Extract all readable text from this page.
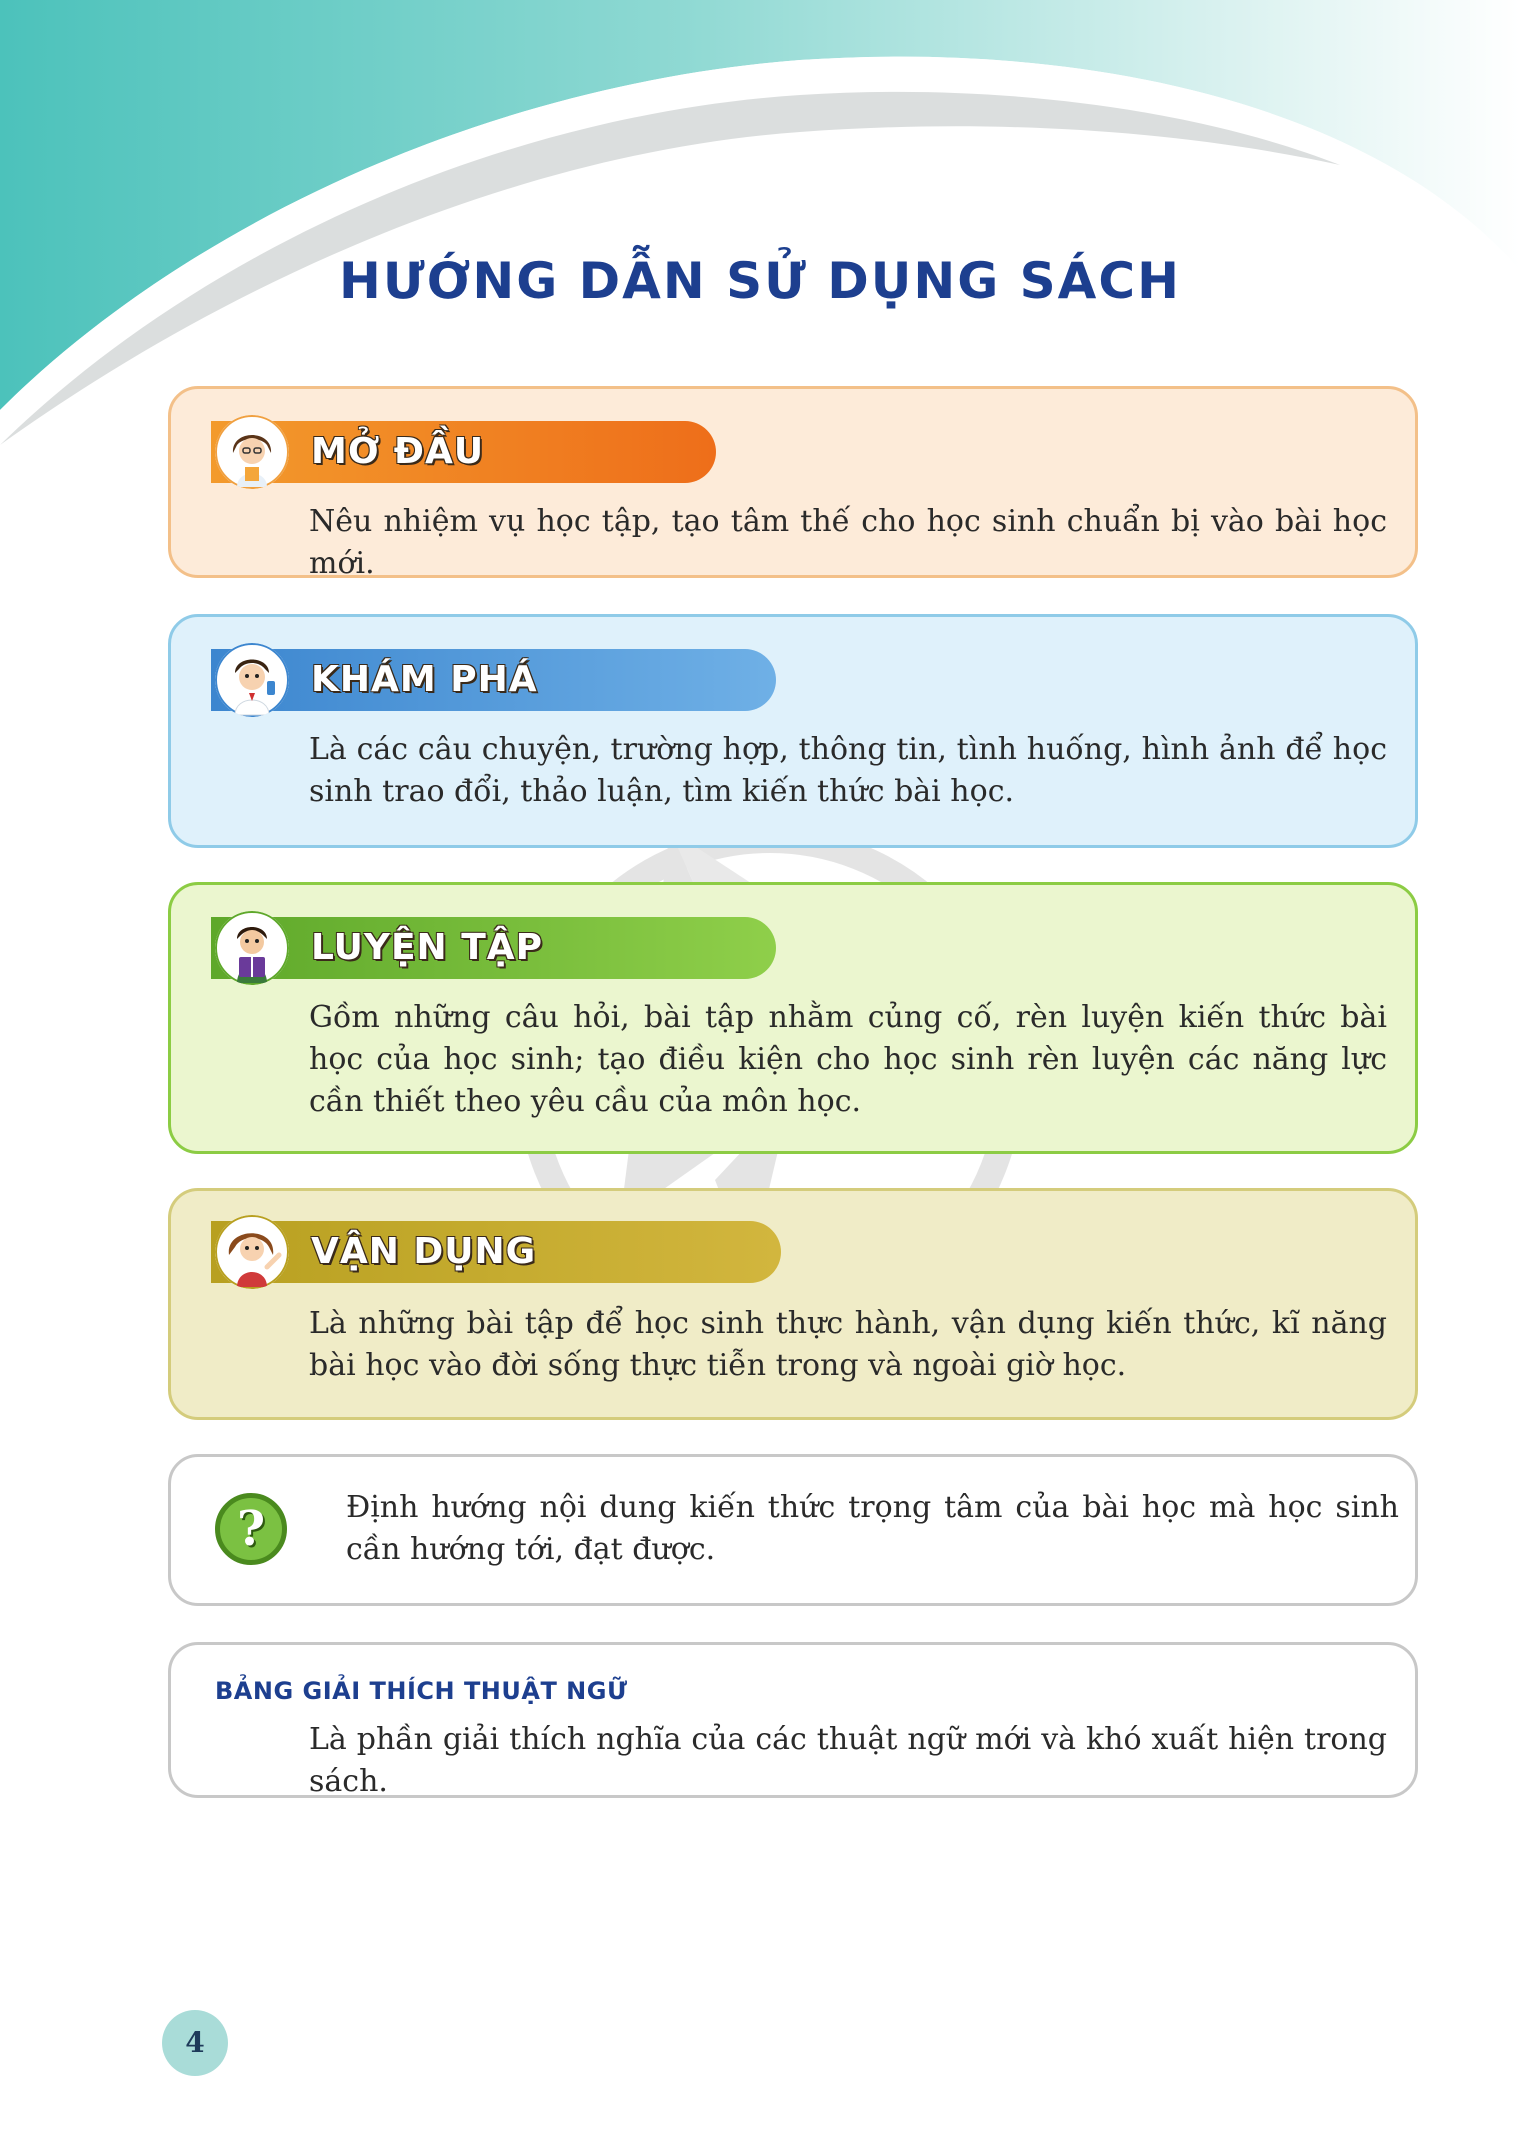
HƯỚNG DẪN SỬ DỤNG SÁCH
MỞ ĐẦU

Nêu nhiệm vụ học tập, tạo tâm thế cho học sinh chuẩn bị vào bài học mới.

KHÁM PHÁ

Là các câu chuyện, trường hợp, thông tin, tình huống, hình ảnh để học sinh trao đổi, thảo luận, tìm kiến thức bài học.

LUYỆN TẬP

Gồm những câu hỏi, bài tập nhằm củng cố, rèn luyện kiến thức bài học của học sinh; tạo điều kiện cho học sinh rèn luyện các năng lực cần thiết theo yêu cầu của môn học.

VẬN DỤNG

Là những bài tập để học sinh thực hành, vận dụng kiến thức, kĩ năng bài học vào đời sống thực tiễn trong và ngoài giờ học.

?	Định hướng nội dung kiến thức trọng tâm của bài học mà học sinh cần hướng tới, đạt được.

BẢNG GIẢI THÍCH THUẬT NGỮ

Là phần giải thích nghĩa của các thuật ngữ mới và khó xuất hiện trong sách.

4
